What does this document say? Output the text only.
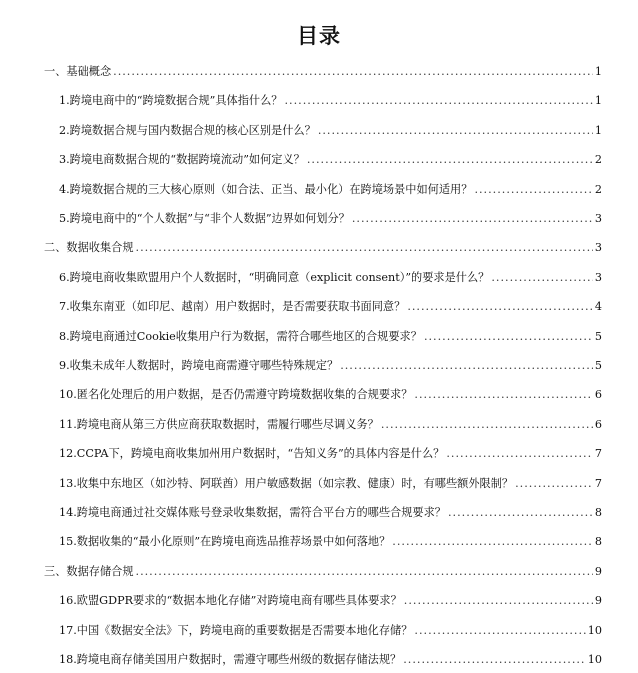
目录
一、基础概念 .....	1
1.跨境电商中的“跨境数据合规”具体指什么？ .....	1
2.跨境数据合规与国内数据合规的核心区别是什么？ .....	1
3.跨境电商数据合规的“数据跨境流动”如何定义？ .....	2
4.跨境数据合规的三大核心原则（如合法、正当、最小化）在跨境场景中如何适用？ .....	2
5.跨境电商中的“个人数据”与“非个人数据”边界如何划分？ .....	3
二、数据收集合规 .....	3
6.跨境电商收集欧盟用户个人数据时，“明确同意（explicit consent）”的要求是什么？ .....	3
7.收集东南亚（如印尼、越南）用户数据时，是否需要获取书面同意？ .....	4
8.跨境电商通过Cookie收集用户行为数据，需符合哪些地区的合规要求？ .....	5
9.收集未成年人数据时，跨境电商需遵守哪些特殊规定？ .....	5
10.匿名化处理后的用户数据，是否仍需遵守跨境数据收集的合规要求？ .....	6
11.跨境电商从第三方供应商获取数据时，需履行哪些尽调义务？ .....	6
12.CCPA下，跨境电商收集加州用户数据时，“告知义务”的具体内容是什么？ .....	7
13.收集中东地区（如沙特、阿联酋）用户敏感数据（如宗教、健康）时，有哪些额外限制？ .....	7
14.跨境电商通过社交媒体账号登录收集数据，需符合平台方的哪些合规要求？ .....	8
15.数据收集的“最小化原则”在跨境电商选品推荐场景中如何落地？ .....	8
三、数据存储合规 .....	9
16.欧盟GDPR要求的“数据本地化存储”对跨境电商有哪些具体要求？ .....	9
17.中国《数据安全法》下，跨境电商的重要数据是否需要本地化存储？ .....	10
18.跨境电商存储美国用户数据时，需遵守哪些州级的数据存储法规？ .....	10
